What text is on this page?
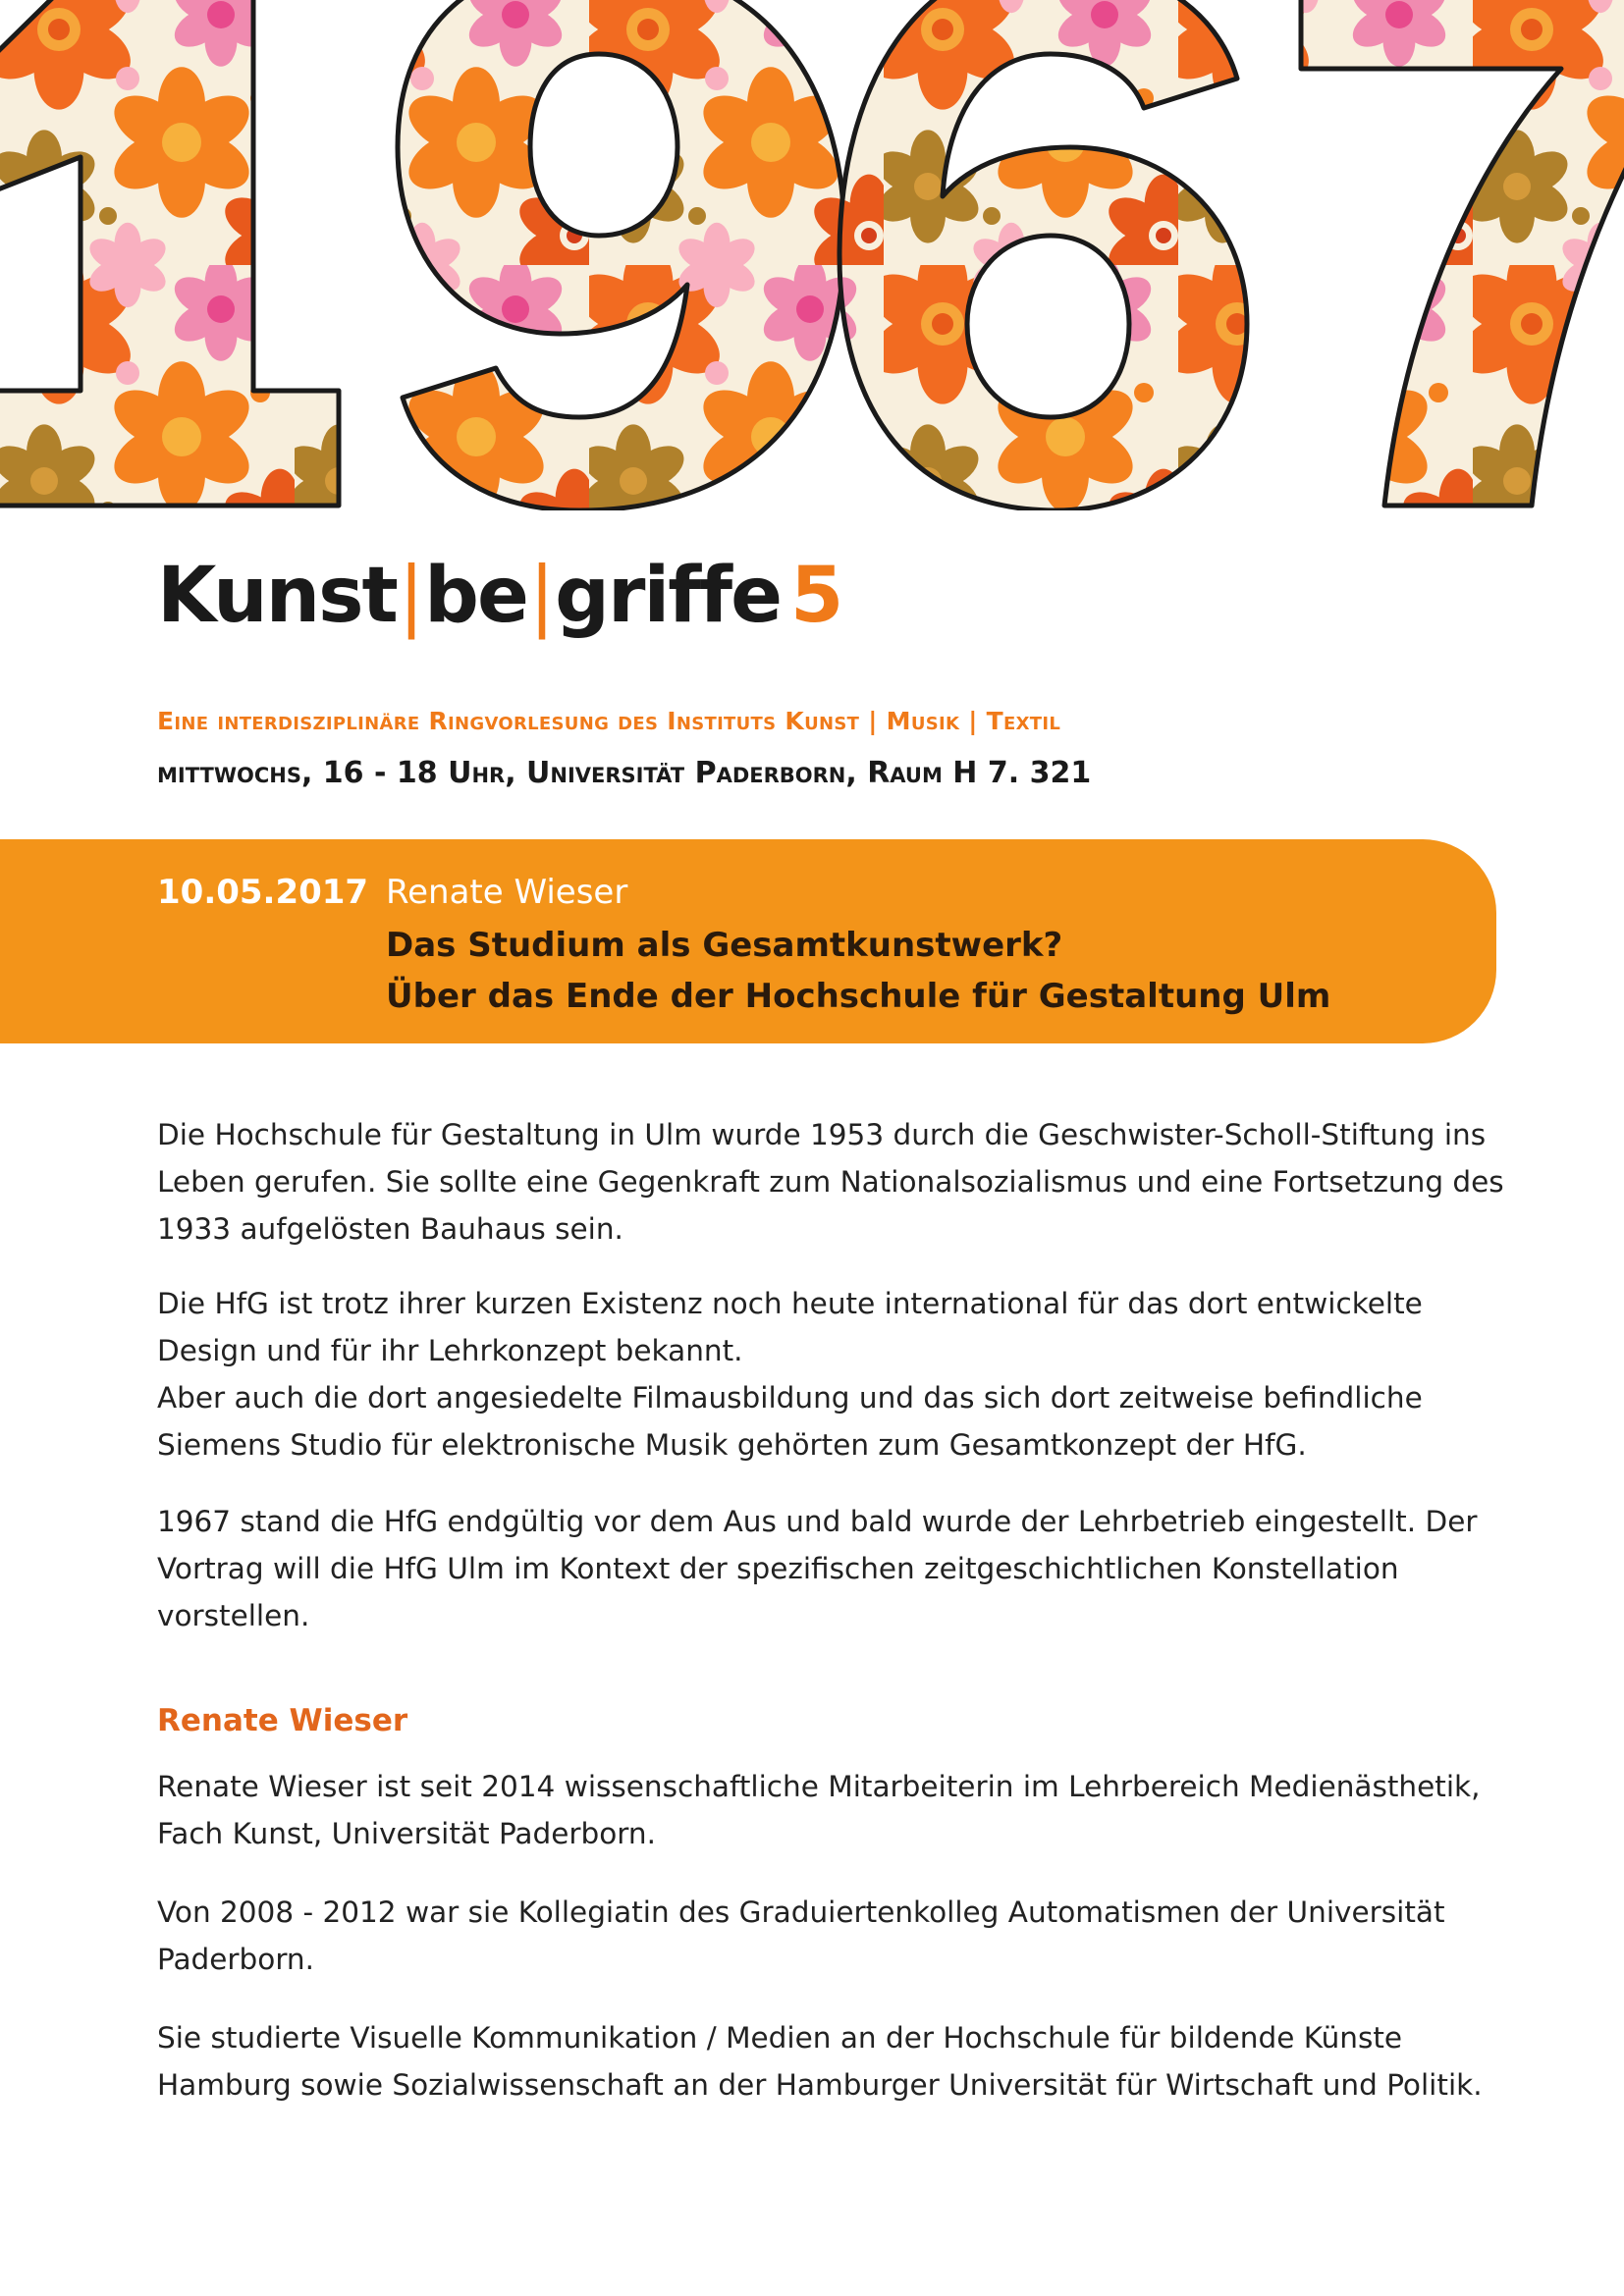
Kunst|be|griffe 5

Eine interdisziplinäre Ringvorlesung des Instituts Kunst | Musik | Textil

mittwochs, 16 - 18 Uhr, Universität Paderborn, Raum H 7. 321

10.05.2017 Renate Wieser
Das Studium als Gesamtkunstwerk?
Über das Ende der Hochschule für Gestaltung Ulm

Die Hochschule für Gestaltung in Ulm wurde 1953 durch die Geschwister-Scholl-Stiftung ins Leben gerufen. Sie sollte eine Gegenkraft zum Nationalsozialismus und eine Fortsetzung des 1933 aufgelösten Bauhaus sein.

Die HfG ist trotz ihrer kurzen Existenz noch heute international für das dort entwickelte Design und für ihr Lehrkonzept bekannt.

Aber auch die dort angesiedelte Filmausbildung und das sich dort zeitweise befindliche Siemens Studio für elektronische Musik gehörten zum Gesamtkonzept der HfG.

1967 stand die HfG endgültig vor dem Aus und bald wurde der Lehrbetrieb eingestellt. Der Vortrag will die HfG Ulm im Kontext der spezifischen zeitgeschichtlichen Konstellation vorstellen.

Renate Wieser

Renate Wieser ist seit 2014 wissenschaftliche Mitarbeiterin im Lehrbereich Medienästhetik, Fach Kunst, Universität Paderborn.

Von 2008 - 2012 war sie Kollegiatin des Graduiertenkolleg Automatismen der Universität Paderborn.

Sie studierte Visuelle Kommunikation / Medien an der Hochschule für bildende Künste Hamburg sowie Sozialwissenschaft an der Hamburger Universität für Wirtschaft und Politik.
